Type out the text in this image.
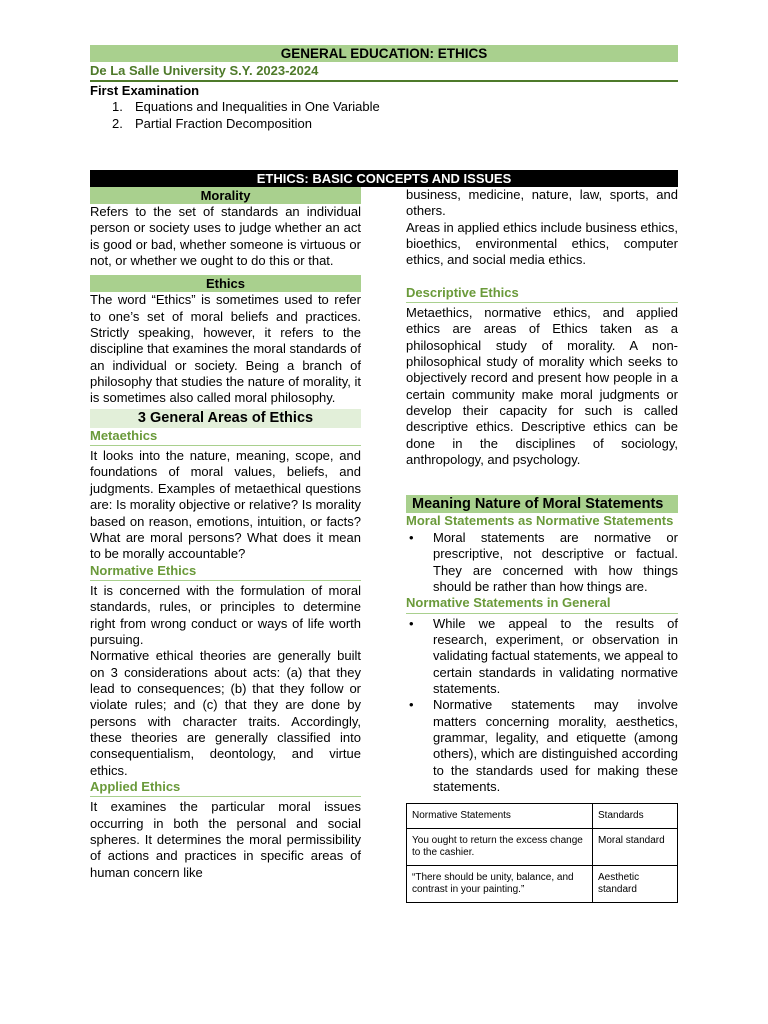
GENERAL EDUCATION: ETHICS
De La Salle University S.Y. 2023-2024
First Examination
1. Equations and Inequalities in One Variable
2. Partial Fraction Decomposition
ETHICS: BASIC CONCEPTS AND ISSUES
Morality

Refers to the set of standards an individual person or society uses to judge whether an act is good or bad, whether someone is virtuous or not, or whether we ought to do this or that.

Ethics

The word “Ethics” is sometimes used to refer to one’s set of moral beliefs and practices. Strictly speaking, however, it refers to the discipline that examines the moral standards of an individual or society. Being a branch of philosophy that studies the nature of morality, it is sometimes also called moral philosophy.

3 General Areas of Ethics
Metaethics

It looks into the nature, meaning, scope, and foundations of moral values, beliefs, and judgments. Examples of metaethical questions are: Is morality objective or relative? Is morality based on reason, emotions, intuition, or facts? What are moral persons? What does it mean to be morally accountable?

Normative Ethics

It is concerned with the formulation of moral standards, rules, or principles to determine right from wrong conduct or ways of life worth pursuing.

Normative ethical theories are generally built on 3 considerations about acts: (a) that they lead to consequences; (b) that they follow or violate rules; and (c) that they are done by persons with character traits. Accordingly, these theories are generally classified into consequentialism, deontology, and virtue ethics.

Applied Ethics

It examines the particular moral issues occurring in both the personal and social spheres. It determines the moral permissibility of actions and practices in specific areas of human concern like

business, medicine, nature, law, sports, and others.

Areas in applied ethics include business ethics, bioethics, environmental ethics, computer ethics, and social media ethics.

Descriptive Ethics

Metaethics, normative ethics, and applied ethics are areas of Ethics taken as a philosophical study of morality. A non-philosophical study of morality which seeks to objectively record and present how people in a certain community make moral judgments or develop their capacity for such is called descriptive ethics. Descriptive ethics can be done in the disciplines of sociology, anthropology, and psychology.

Meaning Nature of Moral Statements
Moral Statements as Normative Statements
• Moral statements are normative or prescriptive, not descriptive or factual. They are concerned with how things should be rather than how things are.
Normative Statements in General
• While we appeal to the results of research, experiment, or observation in validating factual statements, we appeal to certain standards in validating normative statements.
• Normative statements may involve matters concerning morality, aesthetics, grammar, legality, and etiquette (among others), which are distinguished according to the standards used for making these statements.
Normative Statements	Standards
You ought to return the excess change to the cashier.	Moral standard
“There should be unity, balance, and contrast in your painting.”	Aesthetic standard
